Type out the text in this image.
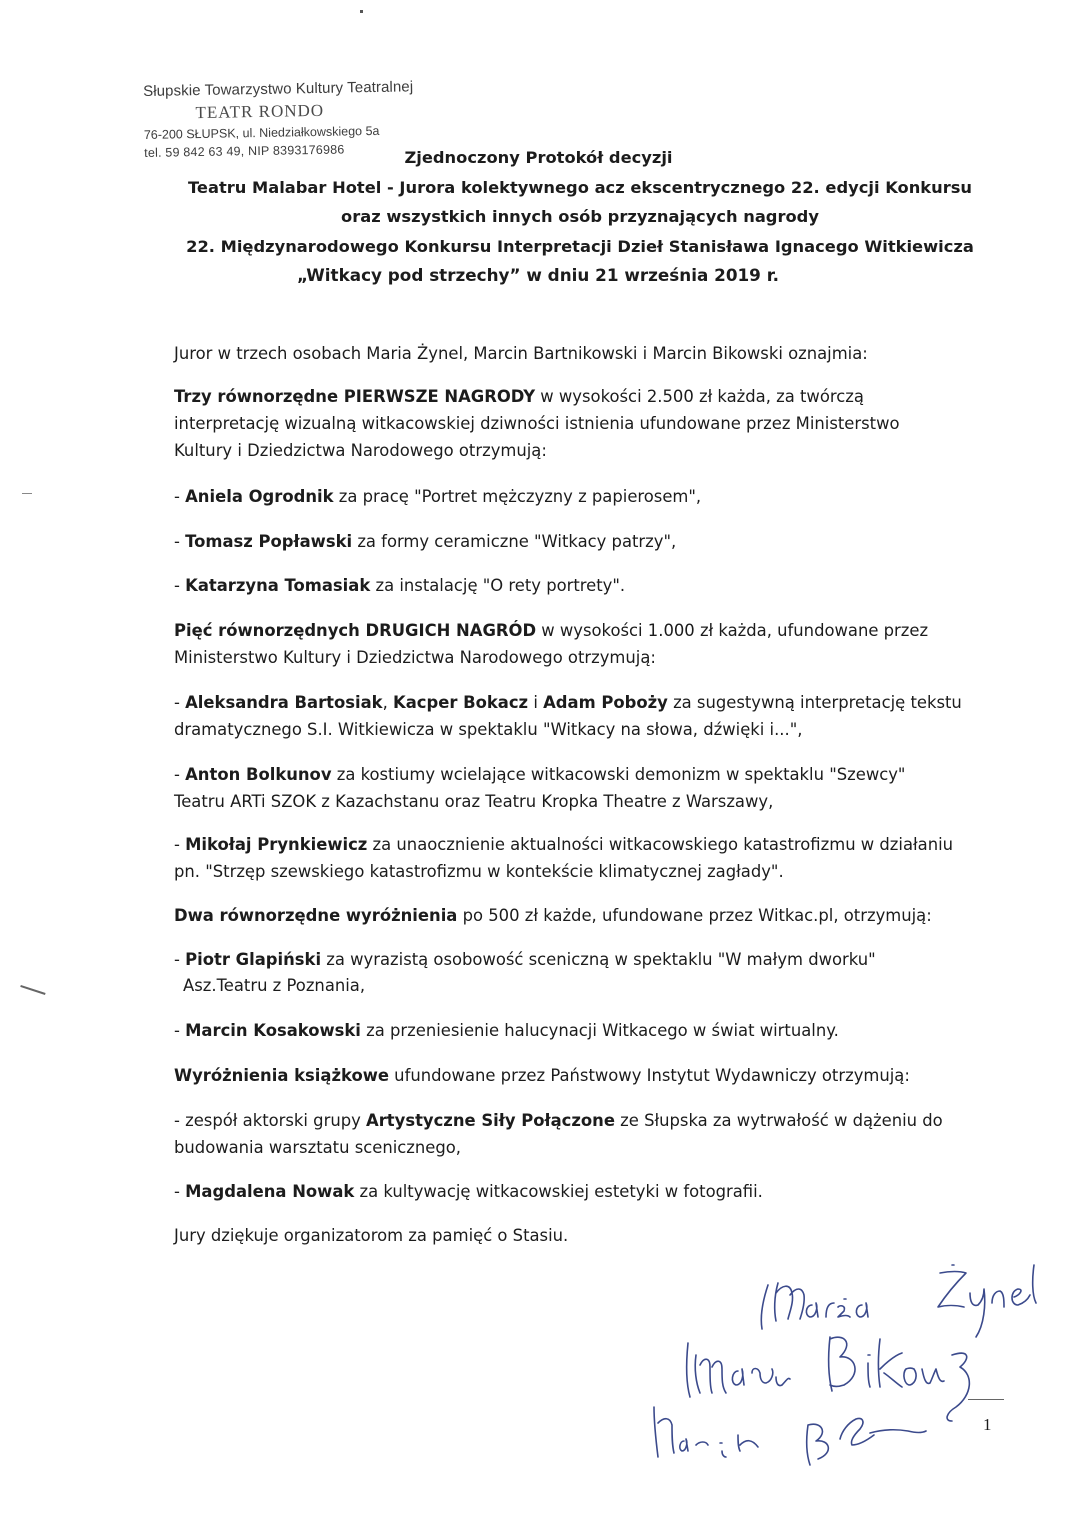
Słupskie Towarzystwo Kultury Teatralnej
TEATR RONDO
76-200 SŁUPSK, ul. Niedziałkowskiego 5a
tel. 59 842 63 49, NIP 8393176986	Zjednoczony Protokół decyzji
Teatru Malabar Hotel - Jurora kolektywnego acz ekscentrycznego 22. edycji Konkursu
oraz wszystkich innych osób przyznających nagrody
22. Międzynarodowego Konkursu Interpretacji Dzieł Stanisława Ignacego Witkiewicza
„Witkacy pod strzechy” w dniu 21 września 2019 r.
Juror w trzech osobach Maria Żynel, Marcin Bartnikowski i Marcin Bikowski oznajmia:
Trzy równorzędne PIERWSZE NAGRODY w wysokości 2.500 zł każda, za twórczą
interpretację wizualną witkacowskiej dziwności istnienia ufundowane przez Ministerstwo
Kultury i Dziedzictwa Narodowego otrzymują:
- Aniela Ogrodnik za pracę "Portret mężczyzny z papierosem",
- Tomasz Popławski za formy ceramiczne "Witkacy patrzy",
- Katarzyna Tomasiak za instalację "O rety portrety".
Pięć równorzędnych DRUGICH NAGRÓD w wysokości 1.000 zł każda, ufundowane przez
Ministerstwo Kultury i Dziedzictwa Narodowego otrzymują:
- Aleksandra Bartosiak, Kacper Bokacz i Adam Poboży za sugestywną interpretację tekstu
dramatycznego S.I. Witkiewicza w spektaklu "Witkacy na słowa, dźwięki i...",
- Anton Bolkunov za kostiumy wcielające witkacowski demonizm w spektaklu "Szewcy"
Teatru ARTi SZOK z Kazachstanu oraz Teatru Kropka Theatre z Warszawy,
- Mikołaj Prynkiewicz za unaocznienie aktualności witkacowskiego katastrofizmu w działaniu
pn. "Strzęp szewskiego katastrofizmu w kontekście klimatycznej zagłady".
Dwa równorzędne wyróżnienia po 500 zł każde, ufundowane przez Witkac.pl, otrzymują:
- Piotr Glapiński za wyrazistą osobowość sceniczną w spektaklu "W małym dworku"
Asz.Teatru z Poznania,
- Marcin Kosakowski za przeniesienie halucynacji Witkacego w świat wirtualny.
Wyróżnienia książkowe ufundowane przez Państwowy Instytut Wydawniczy otrzymują:
- zespół aktorski grupy Artystyczne Siły Połączone ze Słupska za wytrwałość w dążeniu do
budowania warsztatu scenicznego,
- Magdalena Nowak za kultywację witkacowskiej estetyki w fotografii.
Jury dziękuje organizatorom za pamięć o Stasiu.
1
